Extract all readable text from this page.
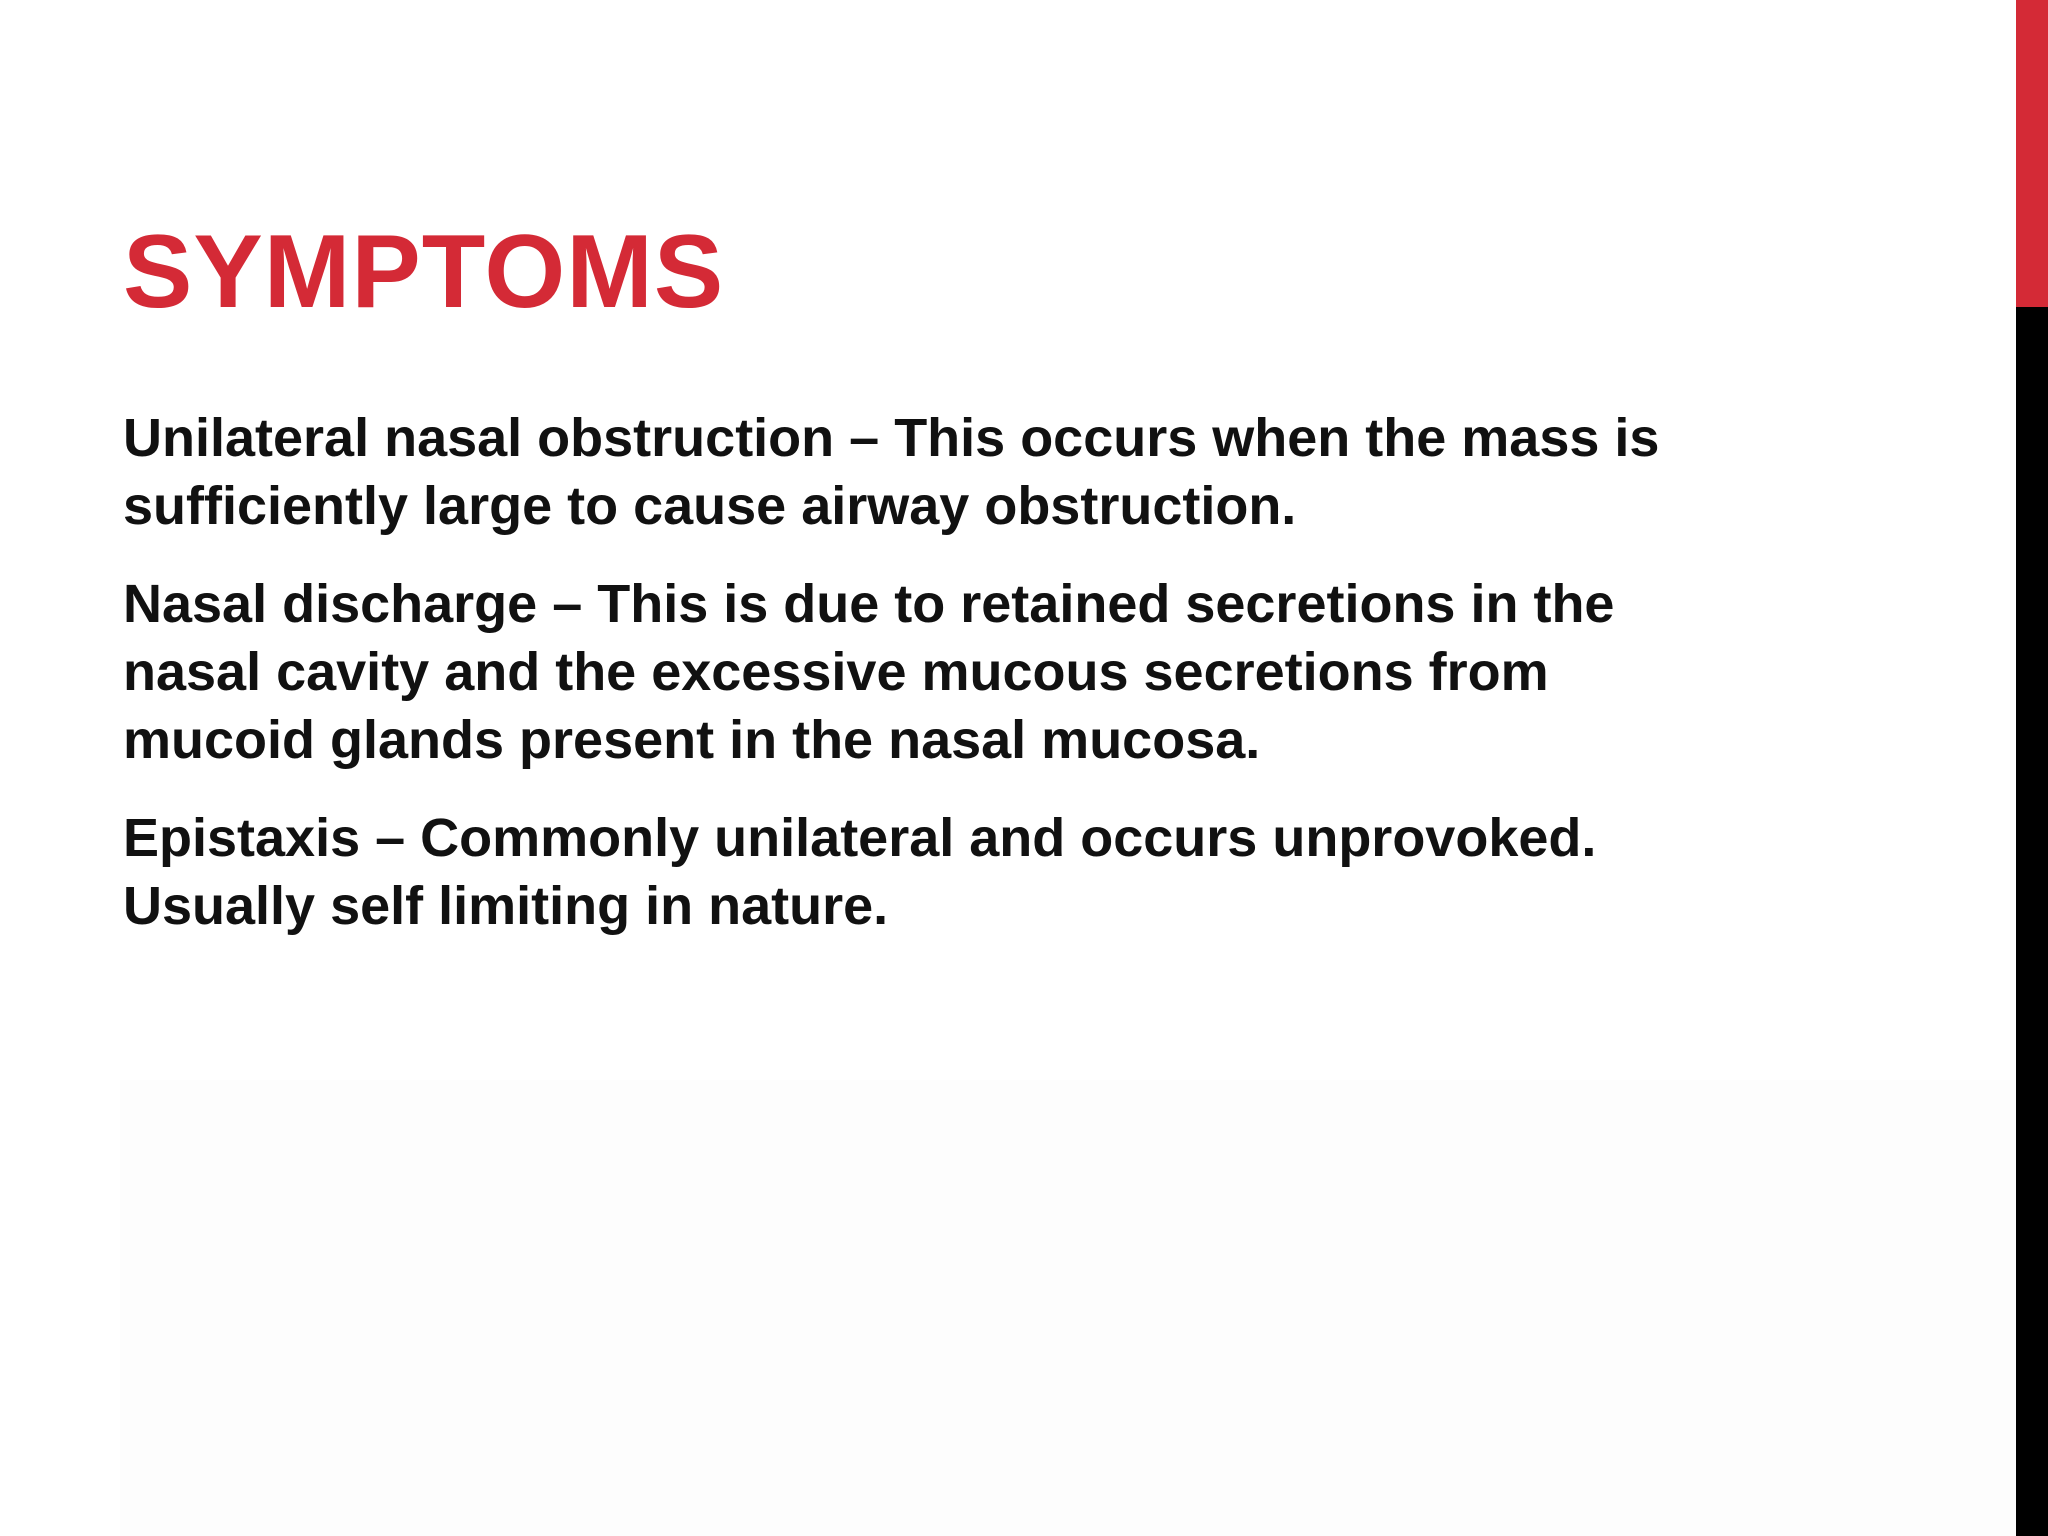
SYMPTOMS

Unilateral nasal obstruction – This occurs when the mass is
sufficiently large to cause airway obstruction.

Nasal discharge – This is due to retained secretions in the
nasal cavity and the excessive mucous secretions from
mucoid glands present in the nasal mucosa.

Epistaxis – Commonly unilateral and occurs unprovoked.
Usually self limiting in nature.
